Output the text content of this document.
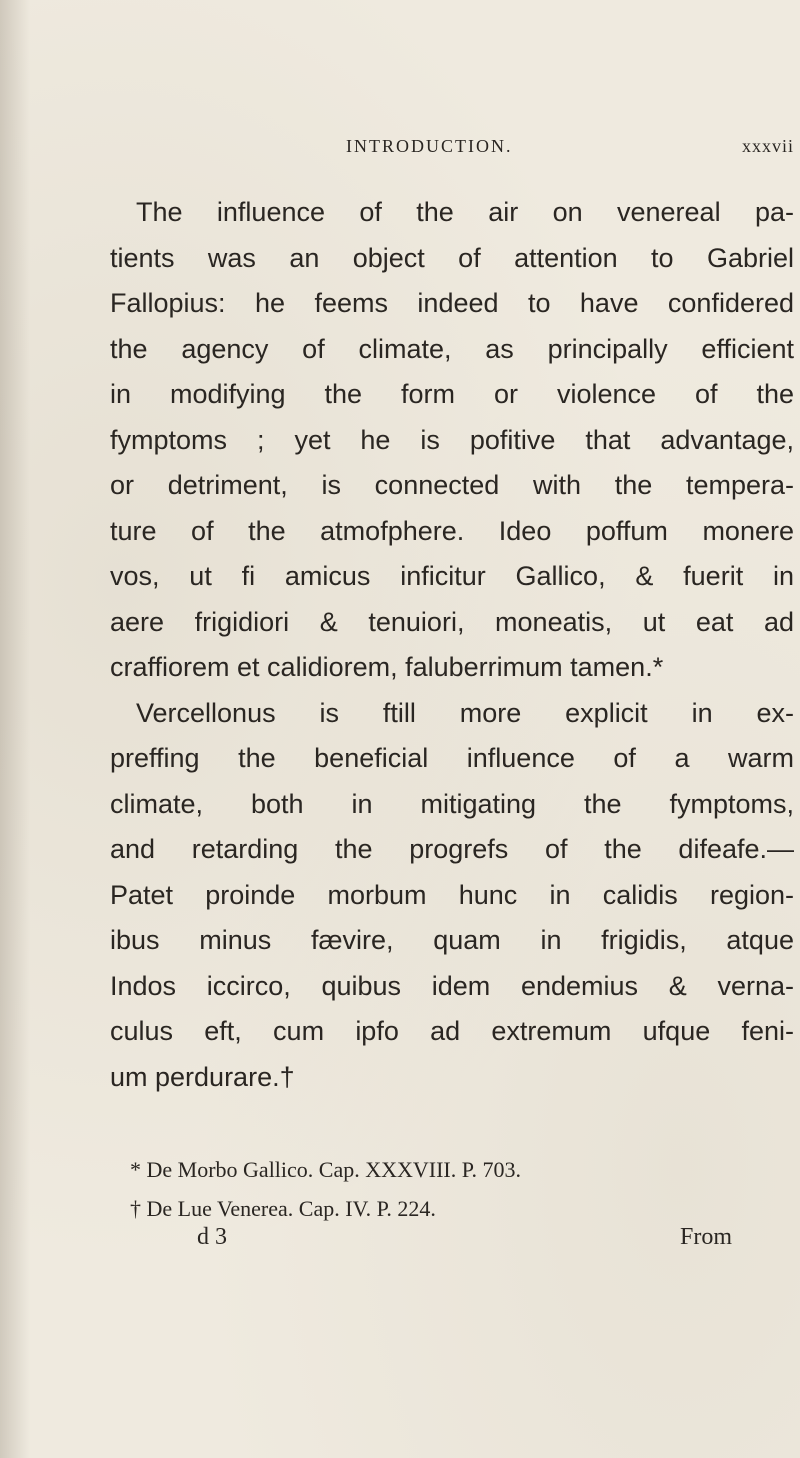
INTRODUCTION.	xxxvii
The influence of the air on venereal pa-
tients was an object of attention to Gabriel
Fallopius: he feems indeed to have confidered
the agency of climate, as principally efficient
in modifying the form or violence of the
fymptoms ; yet he is pofitive that advantage,
or detriment, is connected with the tempera-
ture of the atmofphere. Ideo poffum monere
vos, ut fi amicus inficitur Gallico, & fuerit in
aere frigidiori & tenuiori, moneatis, ut eat ad
craffiorem et calidiorem, faluberrimum tamen.*
Vercellonus is ftill more explicit in ex-
preffing the beneficial influence of a warm
climate, both in mitigating the fymptoms,
and retarding the progrefs of the difeafe.—
Patet proinde morbum hunc in calidis region-
ibus minus fævire, quam in frigidis, atque
Indos iccirco, quibus idem endemius & verna-
culus eft, cum ipfo ad extremum ufque feni-
um perdurare.†
* De Morbo Gallico. Cap. XXXVIII. P. 703.
† De Lue Venerea. Cap. IV. P. 224.
d 3	From
